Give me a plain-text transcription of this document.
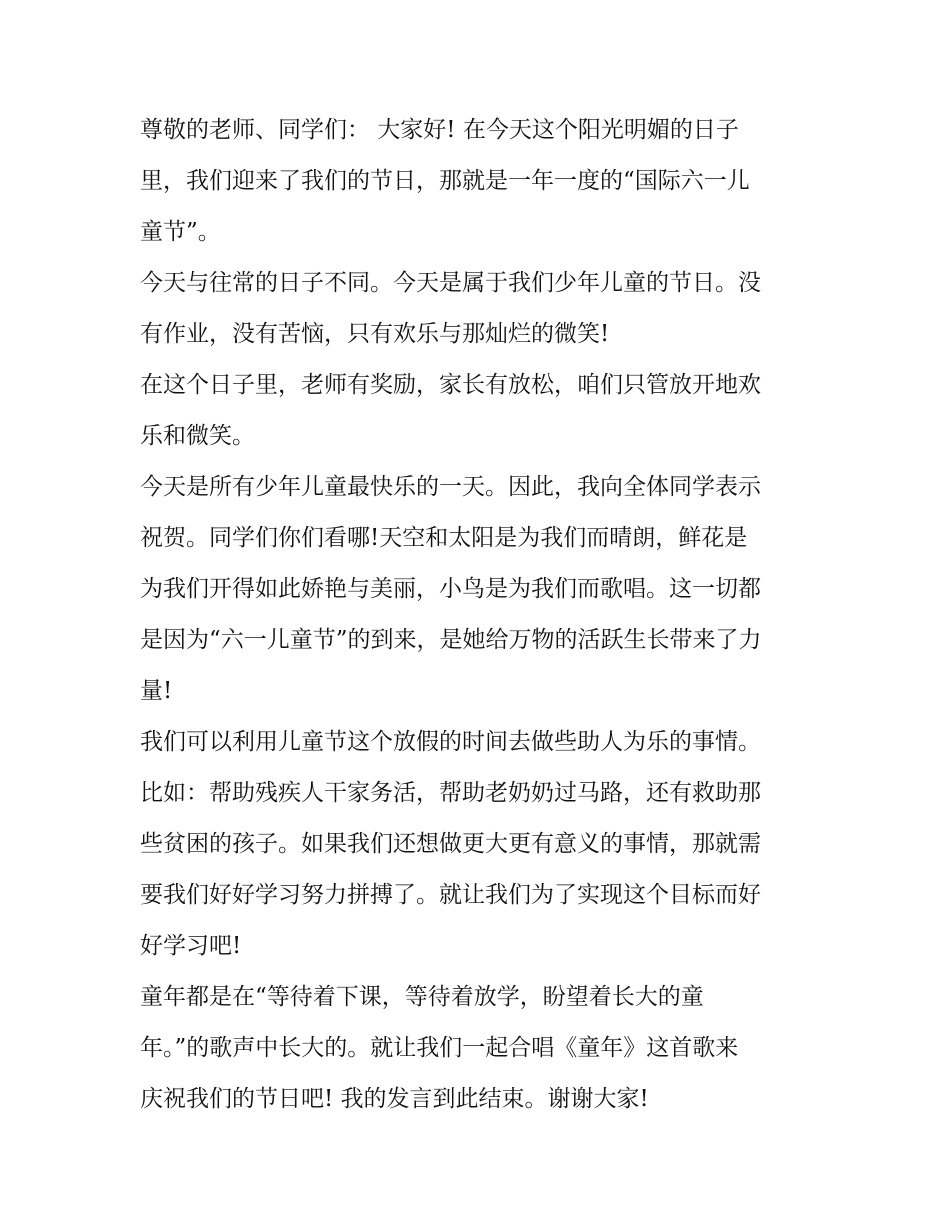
尊敬的老师、同学们： 大家好! 在今天这个阳光明媚的日子
里，我们迎来了我们的节日，那就是一年一度的“国际六一儿
童节”。

今天与往常的日子不同。今天是属于我们少年儿童的节日。没
有作业，没有苦恼，只有欢乐与那灿烂的微笑!

在这个日子里，老师有奖励，家长有放松，咱们只管放开地欢
乐和微笑。

今天是所有少年儿童最快乐的一天。因此，我向全体同学表示
祝贺。同学们你们看哪!天空和太阳是为我们而晴朗，鲜花是
为我们开得如此娇艳与美丽，小鸟是为我们而歌唱。这一切都
是因为“六一儿童节”的到来，是她给万物的活跃生长带来了力
量!

我们可以利用儿童节这个放假的时间去做些助人为乐的事情。
比如：帮助残疾人干家务活，帮助老奶奶过马路，还有救助那
些贫困的孩子。如果我们还想做更大更有意义的事情，那就需
要我们好好学习努力拼搏了。就让我们为了实现这个目标而好
好学习吧!

童年都是在“等待着下课，等待着放学，盼望着长大的童
年。”的歌声中长大的。就让我们一起合唱《童年》这首歌来
庆祝我们的节日吧! 我的发言到此结束。谢谢大家!
